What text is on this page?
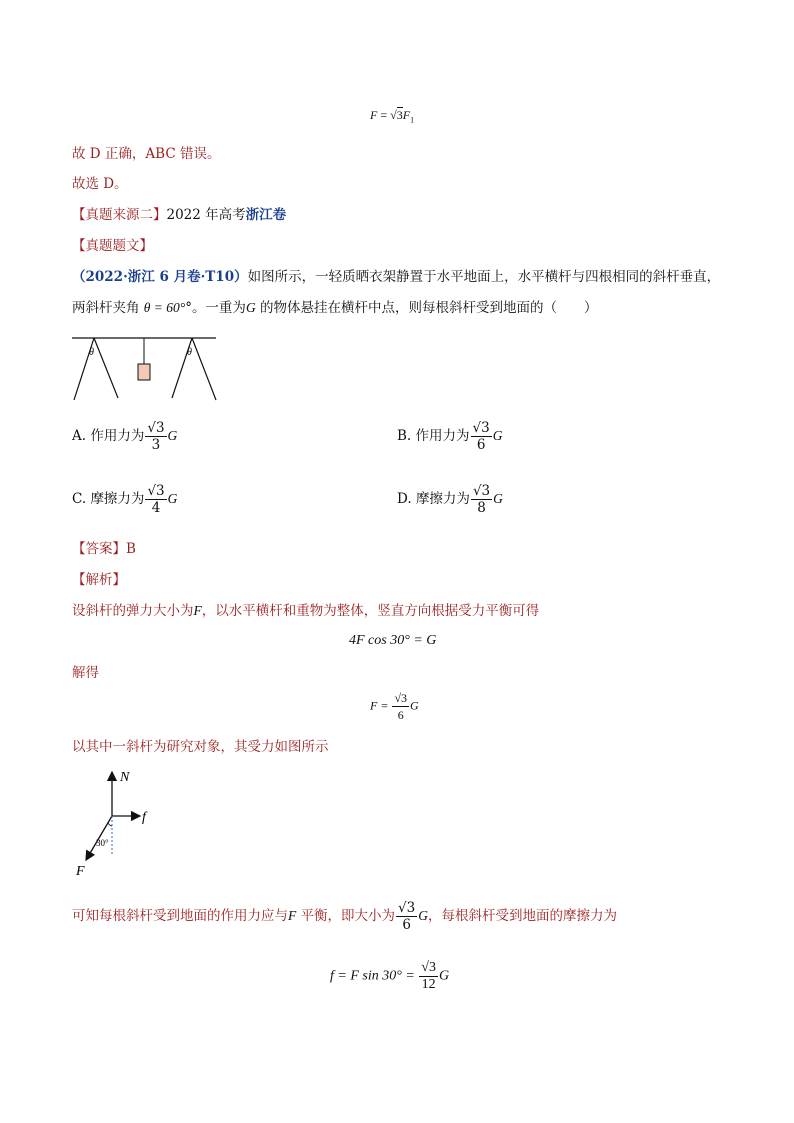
$F = √3F_1$
故 D 正确，ABC 错误。
故选 D。
【真题来源二】2022 年高考浙江卷
【真题题文】
（2022·浙江 6 月卷·T10）如图所示，一轻质晒衣架静置于水平地面上，水平横杆与四根相同的斜杆垂直，
两斜杆夹角 θ = 60°°。一重为G 的物体悬挂在横杆中点，则每根斜杆受到地面的（　　）
θ	θ
A. 作用力为 $\frac{√3}{3}$ G	B. 作用力为 $\frac{√3}{6}$ G
C. 摩擦力为 $\frac{√3}{4}$ G	D. 摩擦力为 $\frac{√3}{8}$ G
【答案】B
【解析】
设斜杆的弹力大小为F，以水平横杆和重物为整体，竖直方向根据受力平衡可得
4F cos 30° = G
解得
$F = \frac{√3}{6}$ G
以其中一斜杆为研究对象，其受力如图所示
N
f
F
30°
可知每根斜杆受到地面的作用力应与F 平衡，即大小为 $\frac{√3}{6}$ G，每根斜杆受到地面的摩擦力为
f = F $\sin 30^\circ = \frac{√3}{12}$ G
